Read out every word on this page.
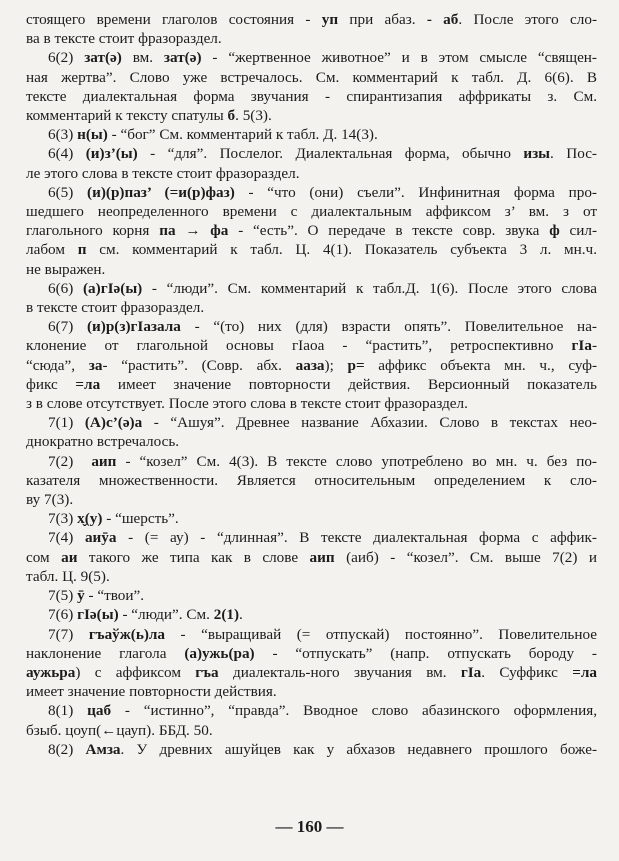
стоящего времени глаголов состояния - уп при абаз. - аб. После этого сло-
ва в тексте стоит фразораздел.
6(2) зат(ә) вм. зат(ә) - “жертвенное животное” и в этом смысле “священ-
ная жертва”. Слово уже встречалось. См. комментарий к табл. Д. 6(6). В
тексте диалектальная форма звучания - спирантизапия аффрикаты з. См.
комментарий к тексту спатулы б. 5(3).
6(3) н(ы) - “бог” См. комментарий к табл. Д. 14(3).
6(4) (и)з’(ы) - “для”. Послелог. Диалектальная форма, обычно изы. Пос-
ле этого слова в тексте стоит фразораздел.
6(5) (и)(р)паз’ (=и(р)фаз) - “что (они) съели”. Инфинитная форма про-
шедшего неопределенного времени с диалектальным аффиксом з’ вм. з от
глагольного корня па → фа - “есть”. О передаче в тексте совр. звука ф сил-
лабом п см. комментарий к табл. Ц. 4(1). Показатель субъекта 3 л. мн.ч.
не выражен.
6(6) (а)гІә(ы) - “люди”. См. комментарий к табл.Д. 1(6). После этого слова
в тексте стоит фразораздел.
6(7) (и)р(з)гІазала - “(то) них (для) взрасти опять”. Повелительное на-
клонение от глагольной основы гІаоа - “растить”, ретроспективно гІа-
“сюда”, за- “растить”. (Совр. абх. ааза); р= аффикс объекта мн. ч., суф-
фикс =ла имеет значение повторности действия. Версионный показатель
з в слове отсутствует. После этого слова в тексте стоит фразораздел.
7(1) (А)с’(ә)а - “Ашуя”. Древнее название Абхазии. Слово в текстах нео-
днократно встречалось.
7(2)  аип - “козел” См. 4(3). В тексте слово употреблено во мн. ч. без по-
казателя множественности. Является относительным определением к сло-
ву 7(3).
7(3) х̬(у) - “шерсть”.
7(4) аиӯа - (= ау) - “длинная”. В тексте диалектальная форма с аффик-
сом аи такого же типа как в слове аип (аиб) - “козел”. См. выше 7(2) и
табл. Ц. 9(5).
7(5) ӯ - “твои”.
7(6) гІә(ы) - “люди”. См. 2(1).
7(7) гъаўж(ь)ла - “выращивай (= отпускай) постоянно”. Повелительное
наклонение глагола (а)ужь(ра) - “отпускать” (напр. отпускать бороду -
аужьра) с аффиксом гъа диалекталь-ного звучания вм. гІа. Суффикс =ла
имеет значение повторности действия.
8(1) цаб - “истинно”, “правда”. Вводное слово абазинского оформления,
бзыб. цоуп(←цауп). ББД. 50.
8(2) Амза. У древних ашуйцев как у абхазов недавнего прошлого боже-
— 160 —
